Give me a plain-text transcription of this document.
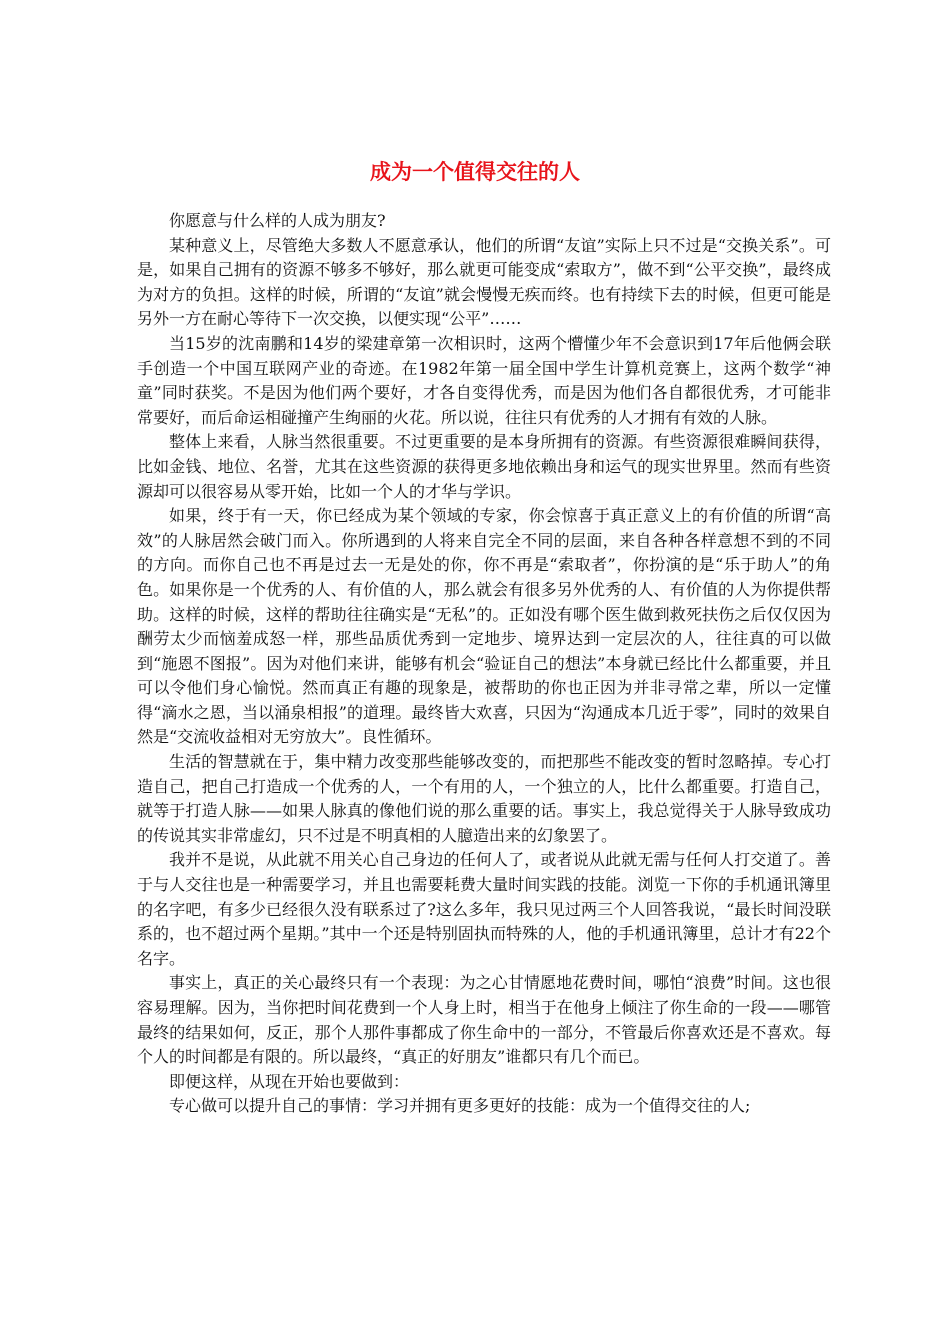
成为一个值得交往的人

你愿意与什么样的人成为朋友?

某种意义上，尽管绝大多数人不愿意承认，他们的所谓“友谊”实际上只不过是“交换关系”。可是，如果自己拥有的资源不够多不够好，那么就更可能变成“索取方”，做不到“公平交换”，最终成为对方的负担。这样的时候，所谓的“友谊”就会慢慢无疾而终。也有持续下去的时候，但更可能是另外一方在耐心等待下一次交换，以便实现“公平”……

当15岁的沈南鹏和14岁的梁建章第一次相识时，这两个懵懂少年不会意识到17年后他俩会联手创造一个中国互联网产业的奇迹。在1982年第一届全国中学生计算机竞赛上，这两个数学“神童”同时获奖。不是因为他们两个要好，才各自变得优秀，而是因为他们各自都很优秀，才可能非常要好，而后命运相碰撞产生绚丽的火花。所以说，往往只有优秀的人才拥有有效的人脉。

整体上来看，人脉当然很重要。不过更重要的是本身所拥有的资源。有些资源很难瞬间获得，比如金钱、地位、名誉，尤其在这些资源的获得更多地依赖出身和运气的现实世界里。然而有些资源却可以很容易从零开始，比如一个人的才华与学识。

如果，终于有一天，你已经成为某个领域的专家，你会惊喜于真正意义上的有价值的所谓“高效”的人脉居然会破门而入。你所遇到的人将来自完全不同的层面，来自各种各样意想不到的不同的方向。而你自己也不再是过去一无是处的你，你不再是“索取者”，你扮演的是“乐于助人”的角色。如果你是一个优秀的人、有价值的人，那么就会有很多另外优秀的人、有价值的人为你提供帮助。这样的时候，这样的帮助往往确实是“无私”的。正如没有哪个医生做到救死扶伤之后仅仅因为酬劳太少而恼羞成怒一样，那些品质优秀到一定地步、境界达到一定层次的人，往往真的可以做到“施恩不图报”。因为对他们来讲，能够有机会“验证自己的想法”本身就已经比什么都重要，并且可以令他们身心愉悦。然而真正有趣的现象是，被帮助的你也正因为并非寻常之辈，所以一定懂得“滴水之恩，当以涌泉相报”的道理。最终皆大欢喜，只因为“沟通成本几近于零”，同时的效果自然是“交流收益相对无穷放大”。良性循环。

生活的智慧就在于，集中精力改变那些能够改变的，而把那些不能改变的暂时忽略掉。专心打造自己，把自己打造成一个优秀的人，一个有用的人，一个独立的人，比什么都重要。打造自己，就等于打造人脉——如果人脉真的像他们说的那么重要的话。事实上，我总觉得关于人脉导致成功的传说其实非常虚幻，只不过是不明真相的人臆造出来的幻象罢了。

我并不是说，从此就不用关心自己身边的任何人了，或者说从此就无需与任何人打交道了。善于与人交往也是一种需要学习，并且也需要耗费大量时间实践的技能。浏览一下你的手机通讯簿里的名字吧，有多少已经很久没有联系过了?这么多年，我只见过两三个人回答我说，“最长时间没联系的，也不超过两个星期。”其中一个还是特别固执而特殊的人，他的手机通讯簿里，总计才有22个名字。

事实上，真正的关心最终只有一个表现：为之心甘情愿地花费时间，哪怕“浪费”时间。这也很容易理解。因为，当你把时间花费到一个人身上时，相当于在他身上倾注了你生命的一段——哪管最终的结果如何，反正，那个人那件事都成了你生命中的一部分，不管最后你喜欢还是不喜欢。每个人的时间都是有限的。所以最终，“真正的好朋友”谁都只有几个而已。

即便这样，从现在开始也要做到：

专心做可以提升自己的事情：学习并拥有更多更好的技能：成为一个值得交往的人;
